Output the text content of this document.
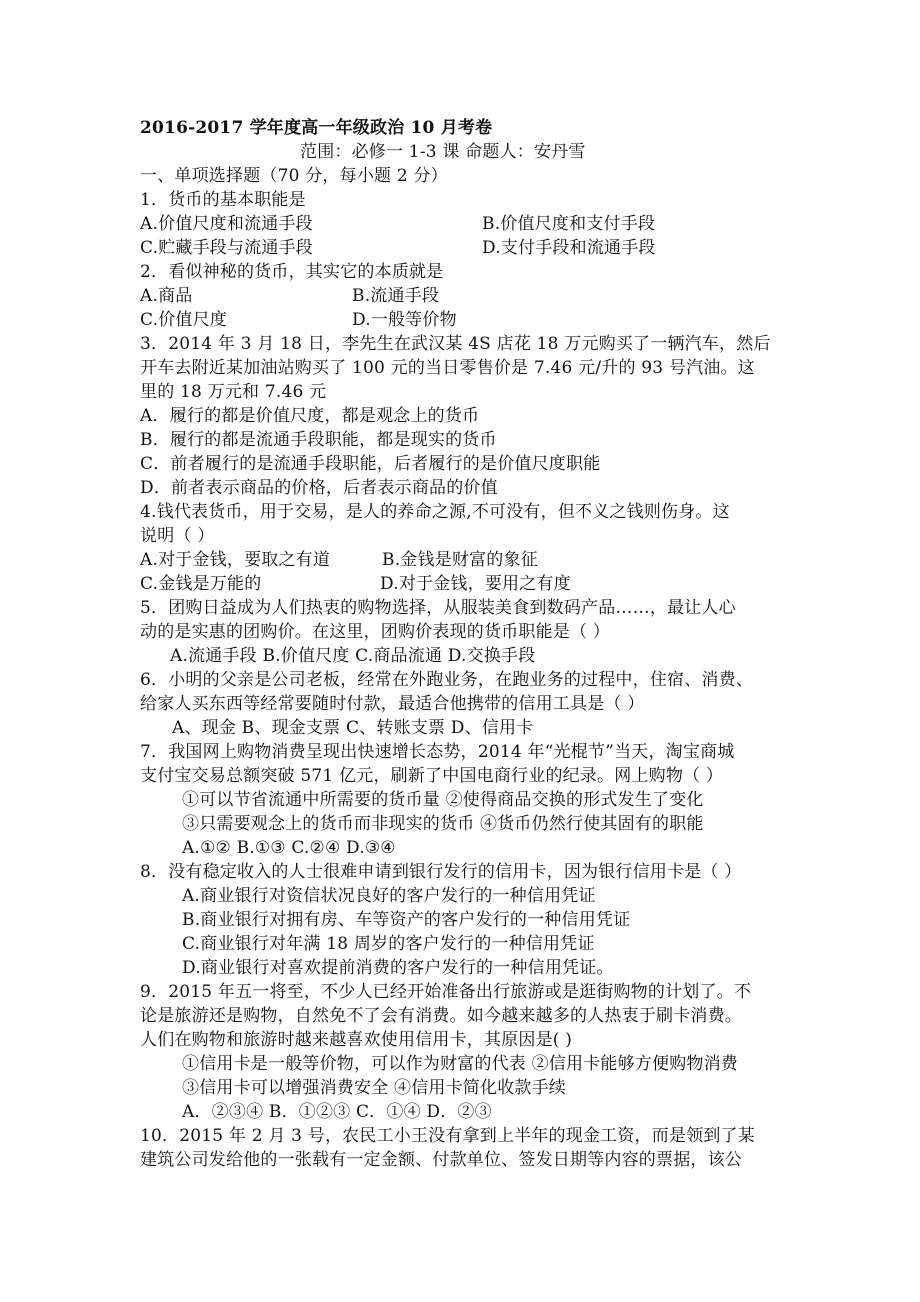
2016-2017 学年度高一年级政治 10 月考卷
范围：必修一 1-3 课 命题人：安丹雪
一、单项选择题（70 分，每小题 2 分）
1．货币的基本职能是
A.价值尺度和流通手段	B.价值尺度和支付手段
C.贮藏手段与流通手段	D.支付手段和流通手段
2．看似神秘的货币，其实它的本质就是
A.商品	B.流通手段
C.价值尺度	D.一般等价物
3．2014 年 3 月 18 日，李先生在武汉某 4S 店花 18 万元购买了一辆汽车，然后
开车去附近某加油站购买了 100 元的当日零售价是 7.46 元/升的 93 号汽油。这
里的 18 万元和 7.46 元
A．履行的都是价值尺度，都是观念上的货币
B．履行的都是流通手段职能，都是现实的货币
C．前者履行的是流通手段职能，后者履行的是价值尺度职能
D．前者表示商品的价格，后者表示商品的价值
4.钱代表货币，用于交易，是人的养命之源,不可没有，但不义之钱则伤身。这
说明（ ）
A.对于金钱，要取之有道	B.金钱是财富的象征
C.金钱是万能的	D.对于金钱，要用之有度
5．团购日益成为人们热衷的购物选择，从服装美食到数码产品……，最让人心
动的是实惠的团购价。在这里，团购价表现的货币职能是（ ）
A.流通手段 B.价值尺度 C.商品流通 D.交换手段
6．小明的父亲是公司老板，经常在外跑业务，在跑业务的过程中，住宿、消费、
给家人买东西等经常要随时付款，最适合他携带的信用工具是（ ）
A、现金 B、现金支票 C、转账支票 D、信用卡
7．我国网上购物消费呈现出快速增长态势，2014 年“光棍节”当天，淘宝商城
支付宝交易总额突破 571 亿元，刷新了中国电商行业的纪录。网上购物（ ）
①可以节省流通中所需要的货币量 ②使得商品交换的形式发生了变化
③只需要观念上的货币而非现实的货币 ④货币仍然行使其固有的职能
A.①② B.①③ C.②④ D.③④
8．没有稳定收入的人士很难申请到银行发行的信用卡，因为银行信用卡是（ ）
A.商业银行对资信状况良好的客户发行的一种信用凭证
B.商业银行对拥有房、车等资产的客户发行的一种信用凭证
C.商业银行对年满 18 周岁的客户发行的一种信用凭证
D.商业银行对喜欢提前消费的客户发行的一种信用凭证。
9．2015 年五一将至，不少人已经开始准备出行旅游或是逛街购物的计划了。不
论是旅游还是购物，自然免不了会有消费。如今越来越多的人热衷于刷卡消费。
人们在购物和旅游时越来越喜欢使用信用卡，其原因是( )
①信用卡是一般等价物，可以作为财富的代表 ②信用卡能够方便购物消费
③信用卡可以增强消费安全 ④信用卡简化收款手续
A．②③④ B．①②③ C．①④ D．②③
10．2015 年 2 月 3 号，农民工小王没有拿到上半年的现金工资，而是领到了某
建筑公司发给他的一张载有一定金额、付款单位、签发日期等内容的票据，该公
